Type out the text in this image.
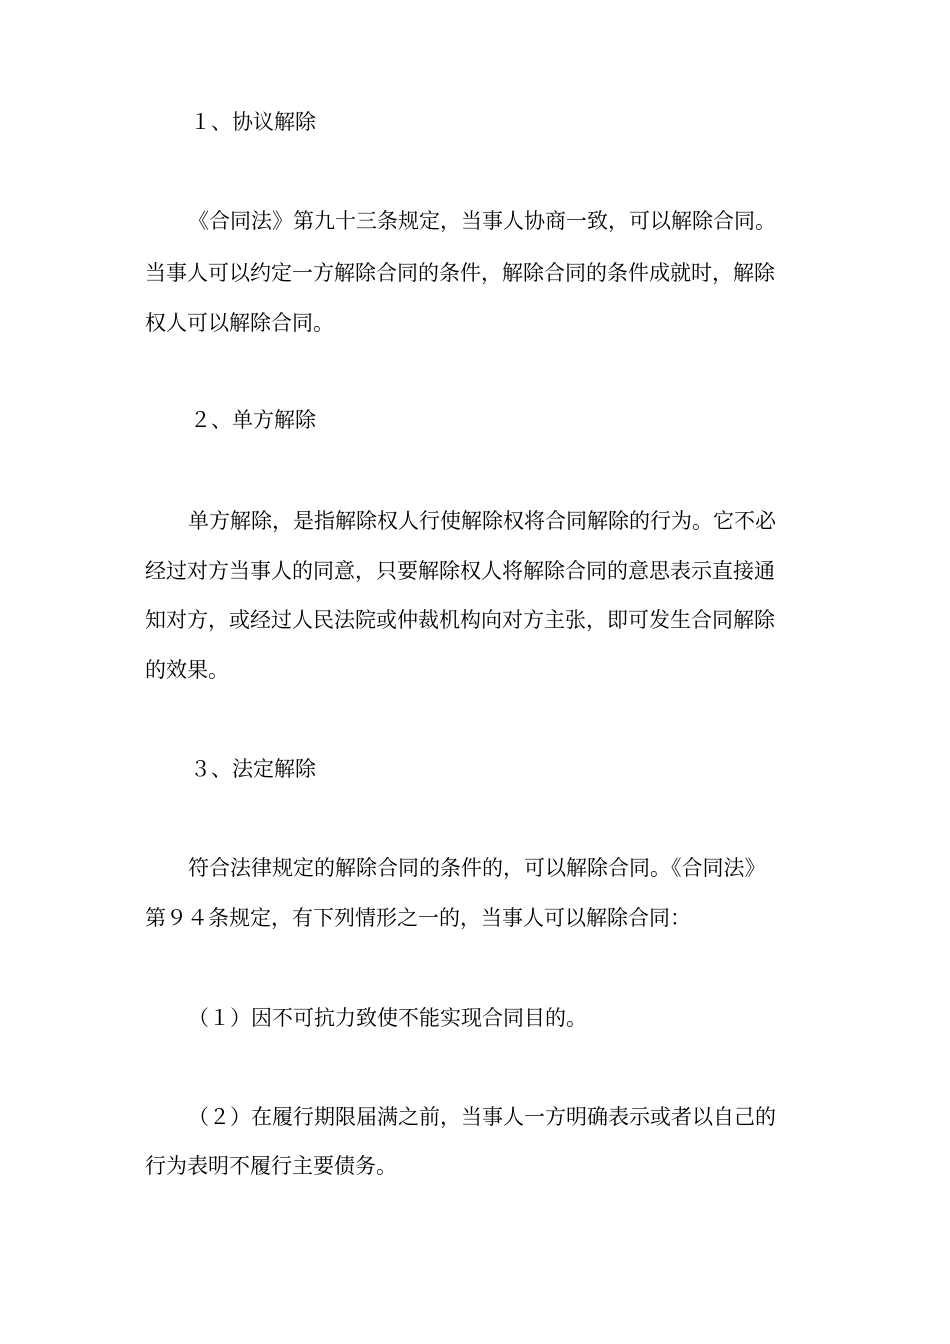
１、协议解除
《合同法》第九十三条规定，当事人协商一致，可以解除合同。
当事人可以约定一方解除合同的条件，解除合同的条件成就时，解除
权人可以解除合同。
２、单方解除
单方解除，是指解除权人行使解除权将合同解除的行为。它不必
经过对方当事人的同意，只要解除权人将解除合同的意思表示直接通
知对方，或经过人民法院或仲裁机构向对方主张，即可发生合同解除
的效果。
３、法定解除
符合法律规定的解除合同的条件的，可以解除合同。《合同法》
第９４条规定，有下列情形之一的，当事人可以解除合同：
（１）因不可抗力致使不能实现合同目的。
（２）在履行期限届满之前，当事人一方明确表示或者以自己的
行为表明不履行主要债务。
